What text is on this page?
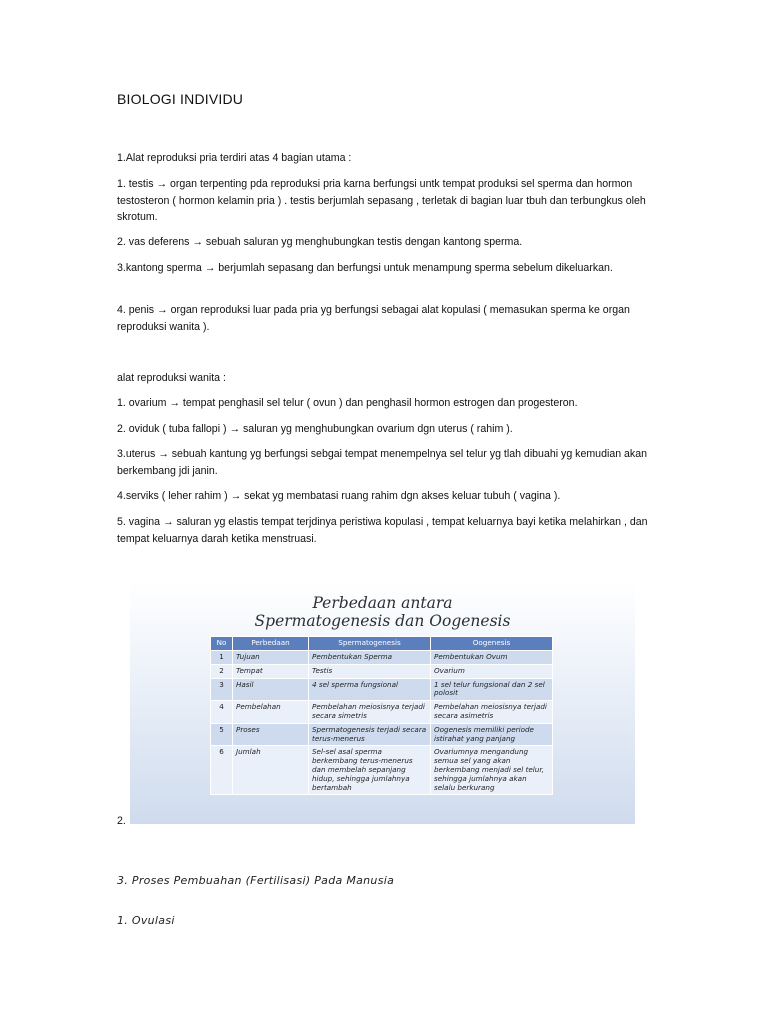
BIOLOGI INDIVIDU

1.Alat reproduksi pria terdiri atas 4 bagian utama :

1. testis → organ terpenting pda reproduksi pria karna berfungsi untk tempat produksi sel sperma dan hormon testosteron ( hormon kelamin pria ) . testis berjumlah sepasang , terletak di bagian luar tbuh dan terbungkus oleh skrotum.

2. vas deferens → sebuah saluran yg menghubungkan testis dengan kantong sperma.

3.kantong sperma → berjumlah sepasang dan berfungsi untuk menampung sperma sebelum dikeluarkan.

4. penis → organ reproduksi luar pada pria yg berfungsi sebagai alat kopulasi ( memasukan sperma ke organ reproduksi wanita ).

alat reproduksi wanita :

1. ovarium → tempat penghasil sel telur ( ovun ) dan penghasil hormon estrogen dan progesteron.

2. oviduk ( tuba fallopi ) → saluran yg menghubungkan ovarium dgn uterus ( rahim ).

3.uterus → sebuah kantung yg berfungsi sebgai tempat menempelnya sel telur yg tlah dibuahi yg kemudian akan berkembang jdi janin.

4.serviks ( leher rahim ) → sekat yg membatasi ruang rahim dgn akses keluar tubuh ( vagina ).

5. vagina → saluran yg elastis tempat terjdinya peristiwa kopulasi , tempat keluarnya bayi ketika melahirkan , dan tempat keluarnya darah ketika menstruasi.

Perbedaan antara
Spermatogenesis dan Oogenesis
No	Perbedaan	Spermatogenesis	Oogenesis
1	Tujuan	Pembentukan Sperma	Pembentukan Ovum
2	Tempat	Testis	Ovarium
3	Hasil	4 sel sperma fungsional	1 sel telur fungsional dan 2 sel polosit
4	Pembelahan	Pembelahan meiosisnya terjadi secara simetris	Pembelahan meiosisnya terjadi secara asimetris
5	Proses	Spermatogenesis terjadi secara terus-menerus	Oogenesis memiliki periode istirahat yang panjang
6	Jumlah	Sel-sel asal sperma berkembang terus-menerus dan membelah sepanjang hidup, sehingga jumlahnya bertambah	Ovariumnya mengandung semua sel yang akan berkembang menjadi sel telur, sehingga jumlahnya akan selalu berkurang
2.
3. Proses Pembuahan (Fertilisasi) Pada Manusia
1. Ovulasi
